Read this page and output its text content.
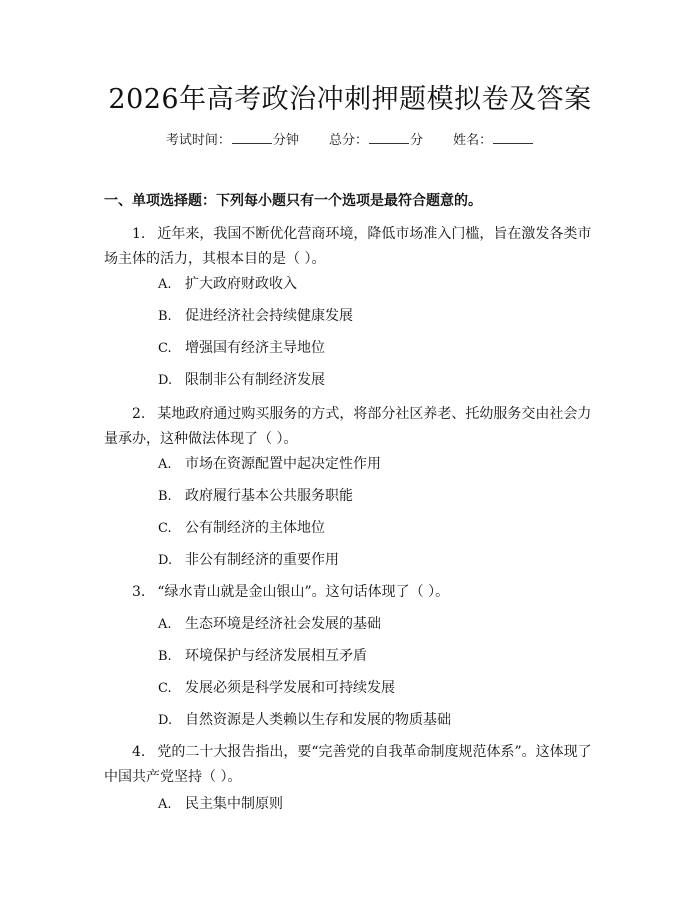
2026年高考政治冲刺押题模拟卷及答案
考试时间：	分钟 总分：	分 姓名：
一、单项选择题：下列每小题只有一个选项是最符合题意的。

1. 近年来，我国不断优化营商环境，降低市场准入门槛，旨在激发各类市场主体的活力，其根本目的是（ ）。

A. 扩大政府财政收入

B. 促进经济社会持续健康发展

C. 增强国有经济主导地位

D. 限制非公有制经济发展

2. 某地政府通过购买服务的方式，将部分社区养老、托幼服务交由社会力量承办，这种做法体现了（ ）。

A. 市场在资源配置中起决定性作用

B. 政府履行基本公共服务职能

C. 公有制经济的主体地位

D. 非公有制经济的重要作用

3. “绿水青山就是金山银山”。这句话体现了（ ）。

A. 生态环境是经济社会发展的基础

B. 环境保护与经济发展相互矛盾

C. 发展必须是科学发展和可持续发展

D. 自然资源是人类赖以生存和发展的物质基础

4. 党的二十大报告指出，要“完善党的自我革命制度规范体系”。这体现了中国共产党坚持（ ）。

A. 民主集中制原则
